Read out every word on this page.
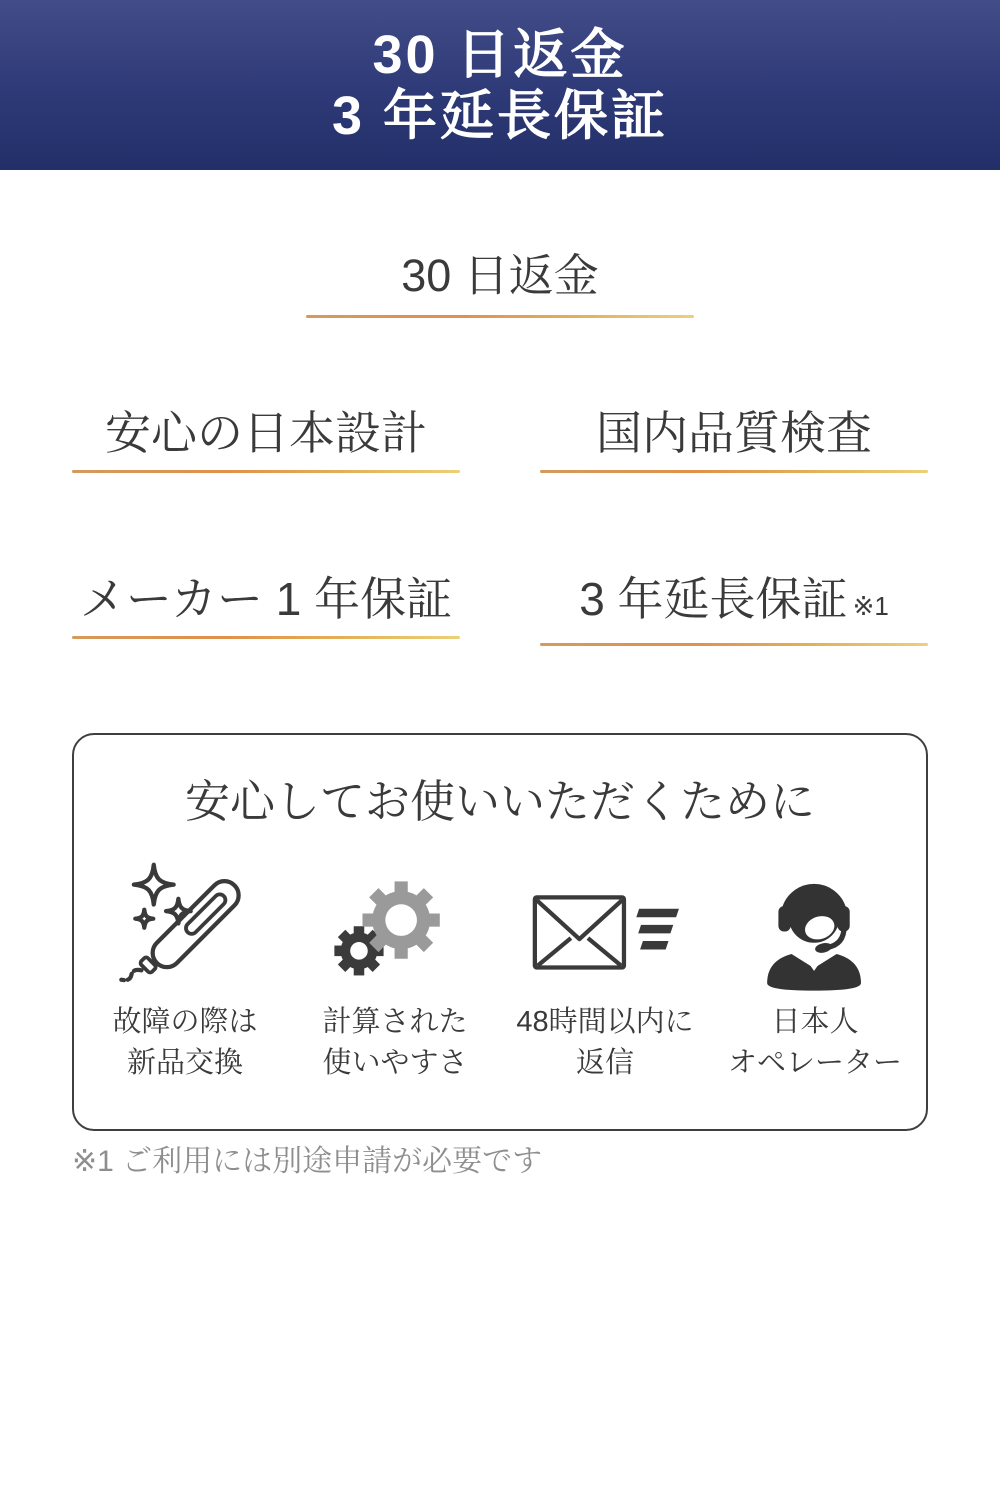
30 日返金
3 年延長保証
30 日返金
安心の日本設計	国内品質検査
メーカー 1 年保証	3 年延長保証 ※1
安心してお使いいただくために
故障の際は
新品交換
計算された
使いやすさ
48時間以内に
返信
日本人
オペレーター
※1 ご利用には別途申請が必要です
